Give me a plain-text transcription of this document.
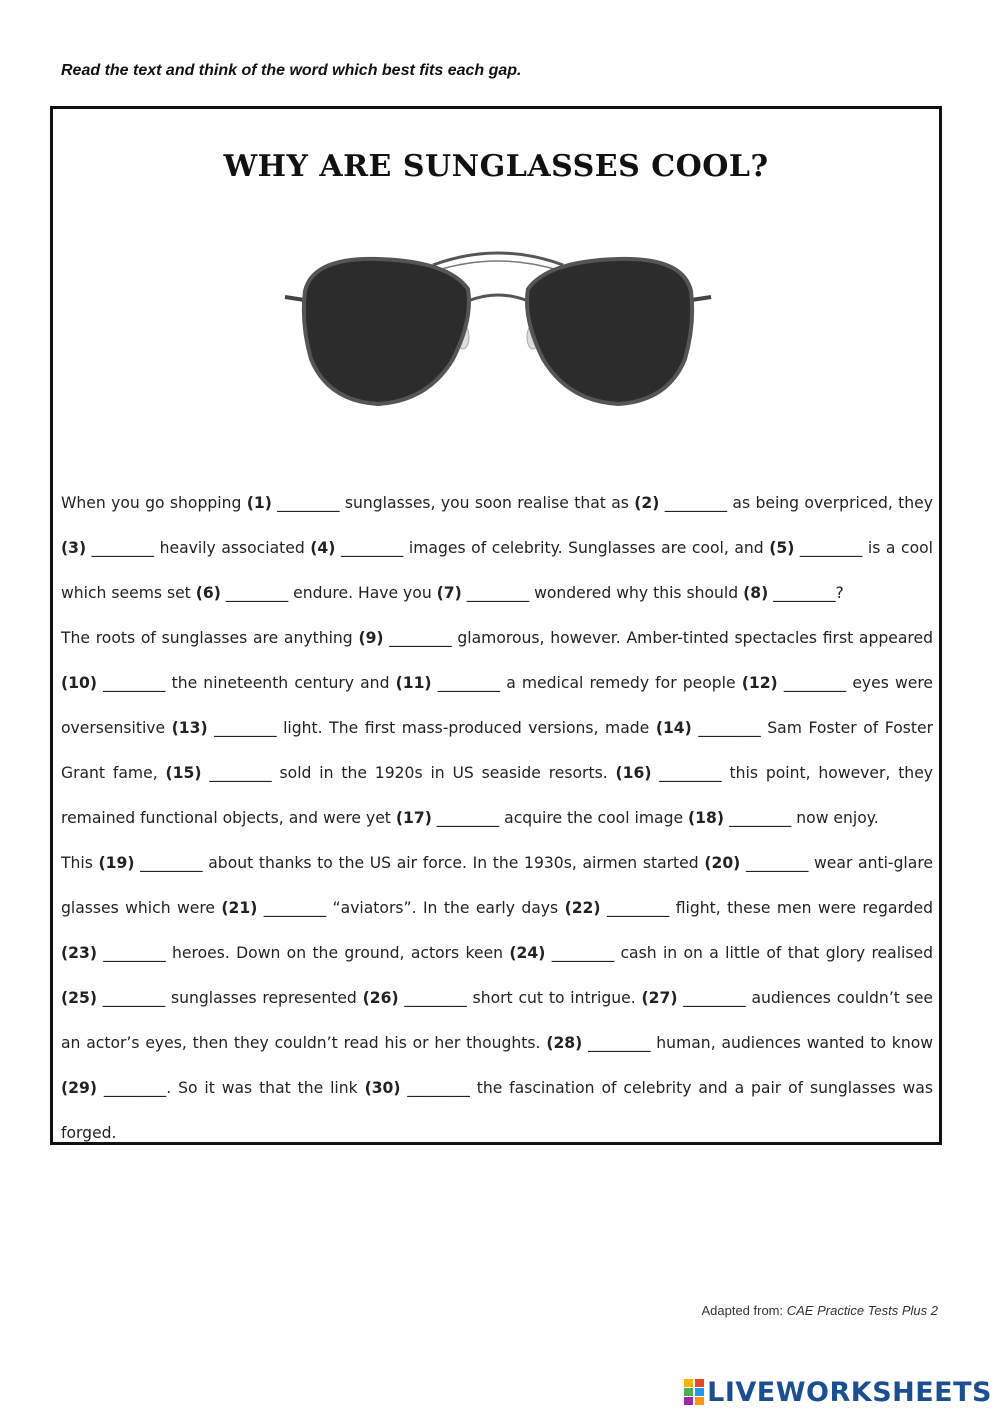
Read the text and think of the word which best fits each gap.
WHY ARE SUNGLASSES COOL?

When you go shopping (1) ________ sunglasses, you soon realise that as (2) ________ as being overpriced, they (3) ________ heavily associated (4) ________ images of celebrity. Sunglasses are cool, and (5) ________ is a cool which seems set (6) ________ endure. Have you (7) ________ wondered why this should (8) ________?

The roots of sunglasses are anything (9) ________ glamorous, however. Amber-tinted spectacles first appeared (10) ________ the nineteenth century and (11) ________ a medical remedy for people (12) ________ eyes were oversensitive (13) ________ light. The first mass-produced versions, made (14) ________ Sam Foster of Foster Grant fame, (15) ________ sold in the 1920s in US seaside resorts. (16) ________ this point, however, they remained functional objects, and were yet (17) ________ acquire the cool image (18) ________ now enjoy.

This (19) ________ about thanks to the US air force. In the 1930s, airmen started (20) ________ wear anti-glare glasses which were (21) ________ “aviators”. In the early days (22) ________ flight, these men were regarded (23) ________ heroes. Down on the ground, actors keen (24) ________ cash in on a little of that glory realised (25) ________ sunglasses represented (26) ________ short cut to intrigue. (27) ________ audiences couldn’t see an actor’s eyes, then they couldn’t read his or her thoughts. (28) ________ human, audiences wanted to know (29) ________. So it was that the link (30) ________ the fascination of celebrity and a pair of sunglasses was forged.

Adapted from: CAE Practice Tests Plus 2
LIVEWORKSHEETS
